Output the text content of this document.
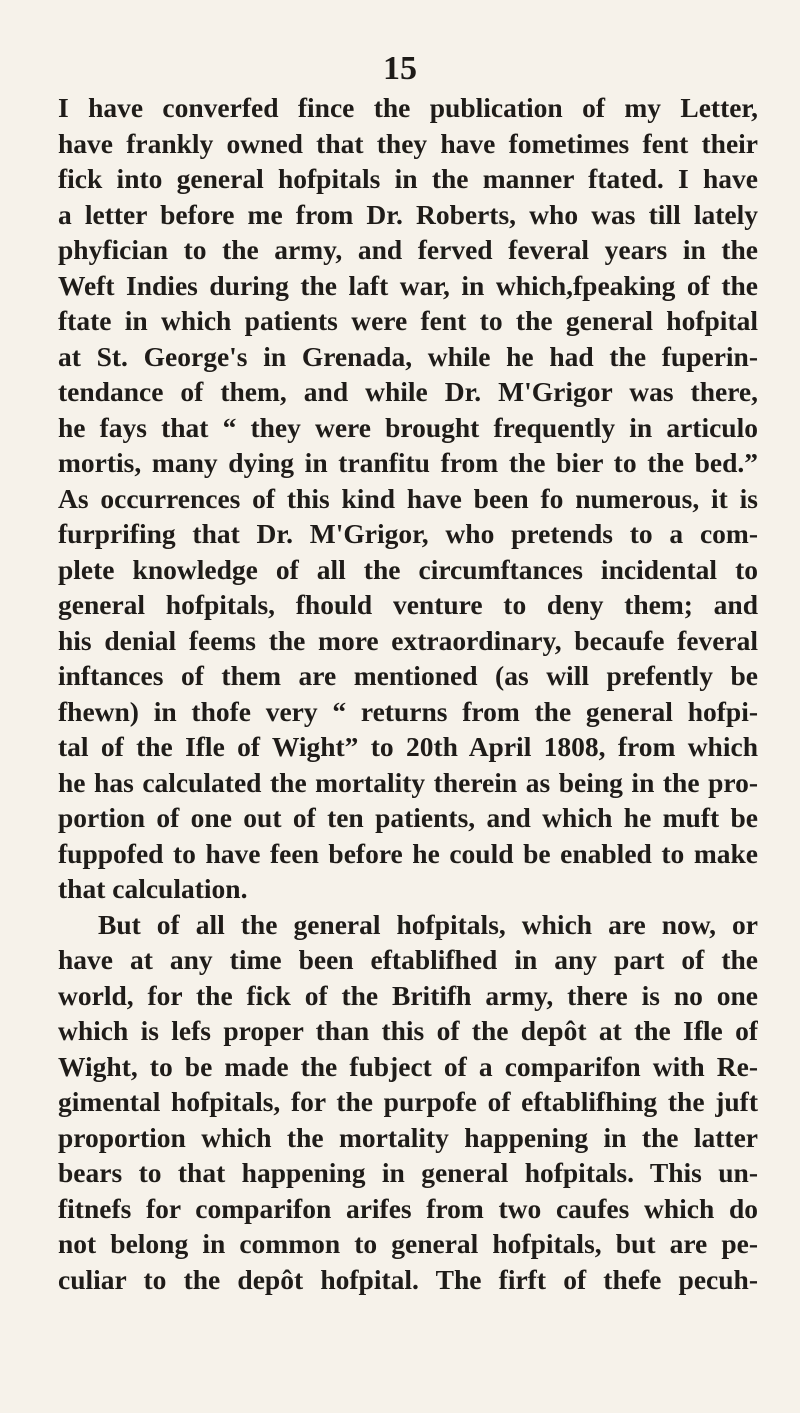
15
I have converfed fince the publication of my Letter,
have frankly owned that they have fometimes fent their
fick into general hofpitals in the manner ftated. I have
a letter before me from Dr. Roberts, who was till lately
phyfician to the army, and ferved feveral years in the
Weft Indies during the laft war, in which,fpeaking of the
ftate in which patients were fent to the general hofpital
at St. George's in Grenada, while he had the fuperin-
tendance of them, and while Dr. M'Grigor was there,
he fays that “ they were brought frequently in articulo
mortis, many dying in tranfitu from the bier to the bed.”
As occurrences of this kind have been fo numerous, it is
furprifing that Dr. M'Grigor, who pretends to a com-
plete knowledge of all the circumftances incidental to
general hofpitals, fhould venture to deny them; and
his denial feems the more extraordinary, becaufe feveral
inftances of them are mentioned (as will prefently be
fhewn) in thofe very “ returns from the general hofpi-
tal of the Ifle of Wight” to 20th April 1808, from which
he has calculated the mortality therein as being in the pro-
portion of one out of ten patients, and which he muft be
fuppofed to have feen before he could be enabled to make
that calculation.
But of all the general hofpitals, which are now, or
have at any time been eftablifhed in any part of the
world, for the fick of the Britifh army, there is no one
which is lefs proper than this of the depôt at the Ifle of
Wight, to be made the fubject of a comparifon with Re-
gimental hofpitals, for the purpofe of eftablifhing the juft
proportion which the mortality happening in the latter
bears to that happening in general hofpitals. This un-
fitnefs for comparifon arifes from two caufes which do
not belong in common to general hofpitals, but are pe-
culiar to the depôt hofpital. The firft of thefe pecuh-
